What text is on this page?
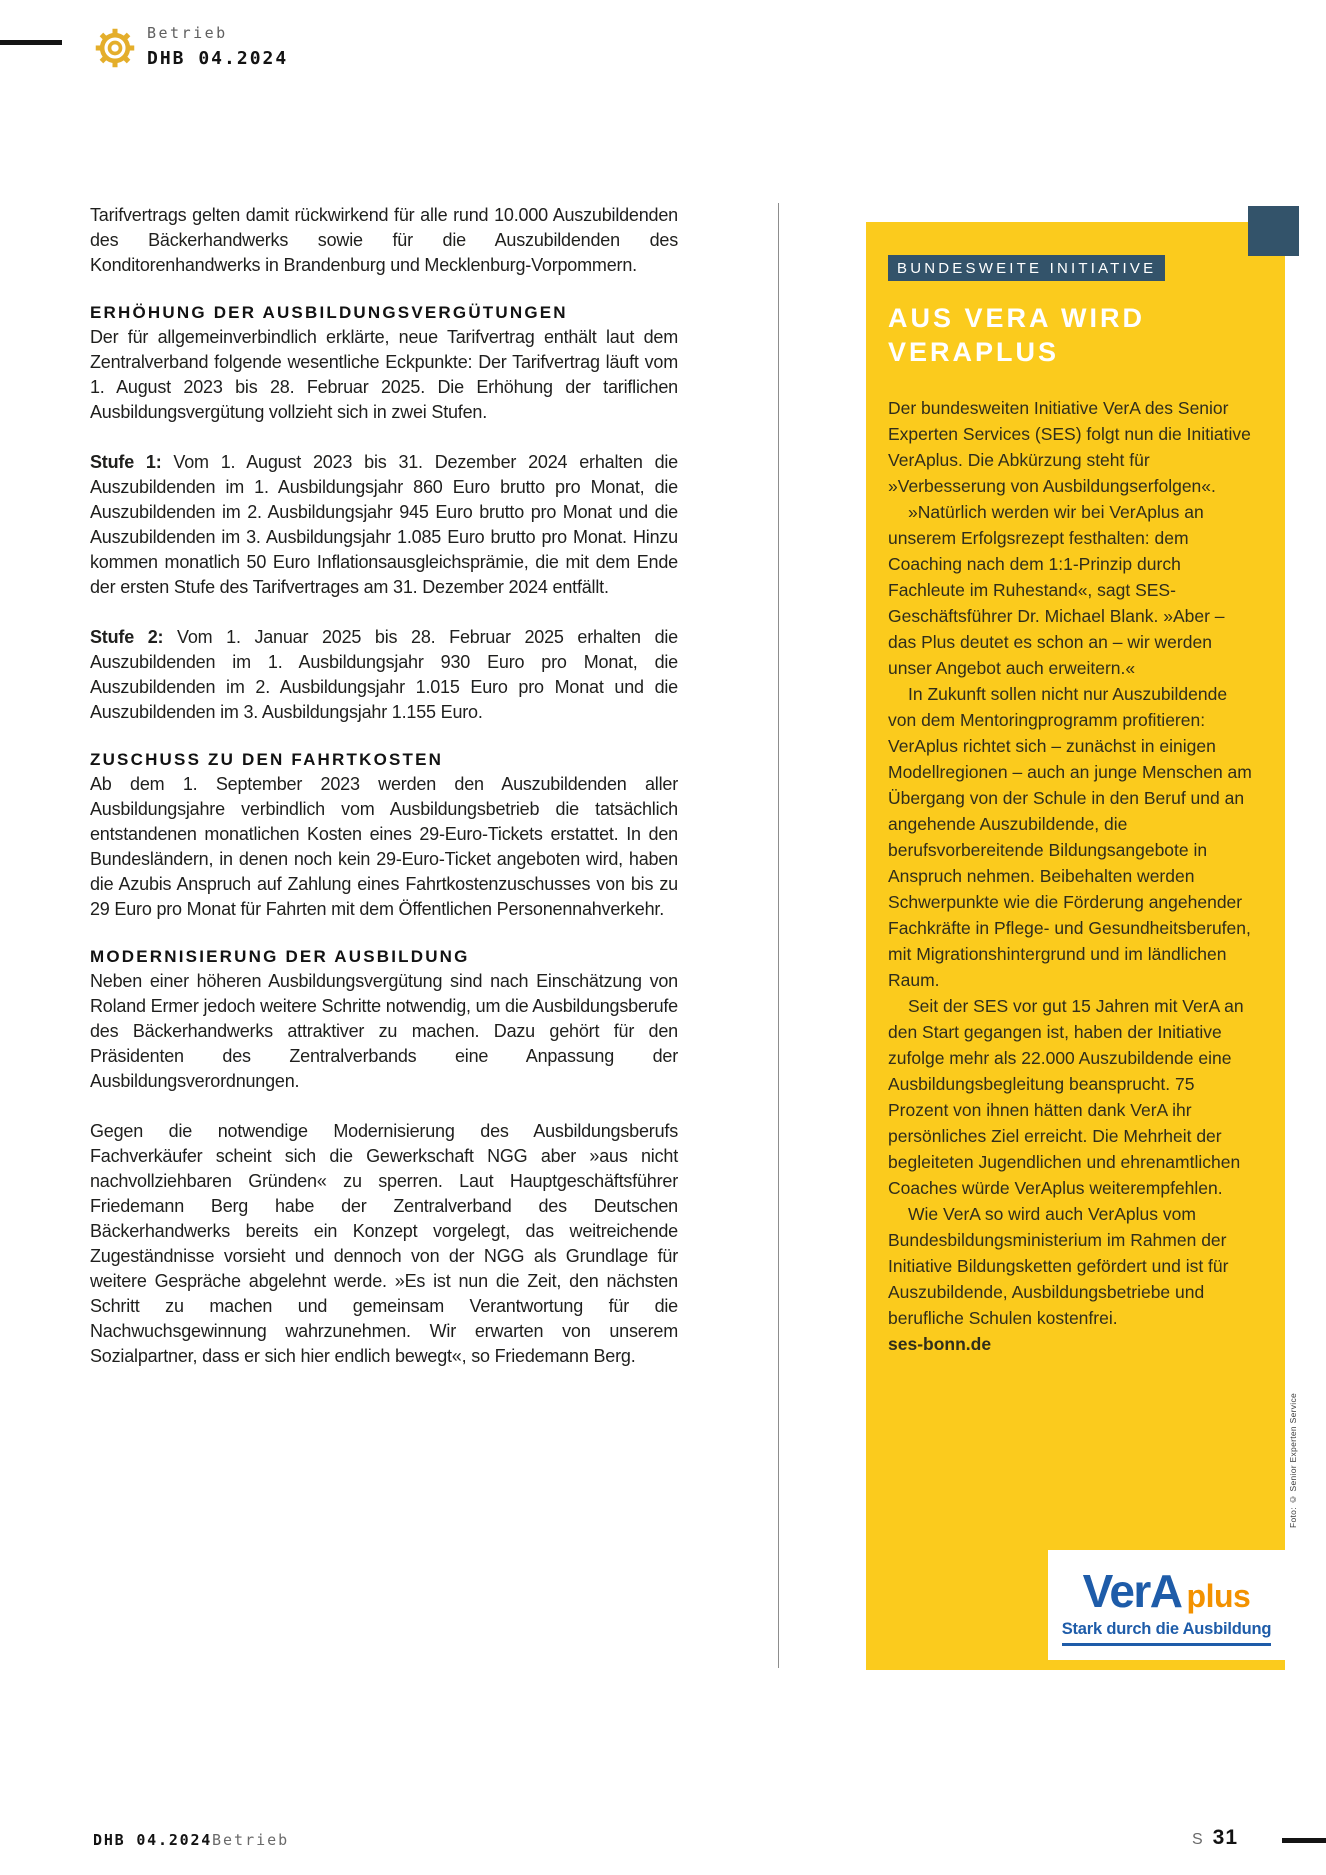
Betrieb
DHB 04.2024

Tarifvertrags gelten damit rückwirkend für alle rund 10.000 Auszubildenden des Bäckerhandwerks sowie für die Auszubildenden des Konditorenhandwerks in Brandenburg und Mecklenburg-Vorpommern.

ERHÖHUNG DER AUSBILDUNGSVERGÜTUNGEN

Der für allgemeinverbindlich erklärte, neue Tarifvertrag enthält laut dem Zentralverband folgende wesentliche Eckpunkte: Der Tarifvertrag läuft vom 1. August 2023 bis 28. Februar 2025. Die Erhöhung der tariflichen Ausbildungsvergütung vollzieht sich in zwei Stufen.

Stufe 1: Vom 1. August 2023 bis 31. Dezember 2024 erhalten die Auszubildenden im 1. Ausbildungsjahr 860 Euro brutto pro Monat, die Auszubildenden im 2. Ausbildungsjahr 945 Euro brutto pro Monat und die Auszubildenden im 3. Ausbildungsjahr 1.085 Euro brutto pro Monat. Hinzu kommen monatlich 50 Euro Inflationsausgleichsprämie, die mit dem Ende der ersten Stufe des Tarifvertrages am 31. Dezember 2024 entfällt.

Stufe 2: Vom 1. Januar 2025 bis 28. Februar 2025 erhalten die Auszubildenden im 1. Ausbildungsjahr 930 Euro pro Monat, die Auszubildenden im 2. Ausbildungsjahr 1.015 Euro pro Monat und die Auszubildenden im 3. Ausbildungsjahr 1.155 Euro.

ZUSCHUSS ZU DEN FAHRTKOSTEN

Ab dem 1. September 2023 werden den Auszubildenden aller Ausbildungsjahre verbindlich vom Ausbildungsbetrieb die tatsächlich entstandenen monatlichen Kosten eines 29-Euro-Tickets erstattet. In den Bundesländern, in denen noch kein 29-Euro-Ticket angeboten wird, haben die Azubis Anspruch auf Zahlung eines Fahrtkostenzuschusses von bis zu 29 Euro pro Monat für Fahrten mit dem Öffentlichen Personennahverkehr.

MODERNISIERUNG DER AUSBILDUNG

Neben einer höheren Ausbildungsvergütung sind nach Einschätzung von Roland Ermer jedoch weitere Schritte notwendig, um die Ausbildungsberufe des Bäckerhandwerks attraktiver zu machen. Dazu gehört für den Präsidenten des Zentralverbands eine Anpassung der Ausbildungsverordnungen.

Gegen die notwendige Modernisierung des Ausbildungsberufs Fachverkäufer scheint sich die Gewerkschaft NGG aber »aus nicht nachvollziehbaren Gründen« zu sperren. Laut Hauptgeschäftsführer Friedemann Berg habe der Zentralverband des Deutschen Bäckerhandwerks bereits ein Konzept vorgelegt, das weitreichende Zugeständnisse vorsieht und dennoch von der NGG als Grundlage für weitere Gespräche abgelehnt werde. »Es ist nun die Zeit, den nächsten Schritt zu machen und gemeinsam Verantwortung für die Nachwuchsgewinnung wahrzunehmen. Wir erwarten von unserem Sozialpartner, dass er sich hier endlich bewegt«, so Friedemann Berg.

BUNDESWEITE INITIATIVE
AUS VERA WIRD
VERAPLUS

Der bundesweiten Initiative VerA des Senior Experten Services (SES) folgt nun die Initiative VerAplus. Die Abkürzung steht für »Verbesserung von Ausbildungserfolgen«.

»Natürlich werden wir bei VerAplus an unserem Erfolgsrezept festhalten: dem Coaching nach dem 1:1-Prinzip durch Fachleute im Ruhestand«, sagt SES-Geschäftsführer Dr. Michael Blank. »Aber – das Plus deutet es schon an – wir werden unser Angebot auch erweitern.«

In Zukunft sollen nicht nur Auszubildende von dem Mentoringprogramm profitieren: VerAplus richtet sich – zunächst in einigen Modellregionen – auch an junge Menschen am Übergang von der Schule in den Beruf und an angehende Auszubildende, die berufsvorbereitende Bildungsangebote in Anspruch nehmen. Beibehalten werden Schwerpunkte wie die Förderung angehender Fachkräfte in Pflege- und Gesundheitsberufen, mit Migrationshintergrund und im ländlichen Raum.

Seit der SES vor gut 15 Jahren mit VerA an den Start gegangen ist, haben der Initiative zufolge mehr als 22.000 Auszubildende eine Ausbildungsbegleitung beansprucht. 75 Prozent von ihnen hätten dank VerA ihr persönliches Ziel erreicht. Die Mehrheit der begleiteten Jugendlichen und ehrenamtlichen Coaches würde VerAplus weiterempfehlen.

Wie VerA so wird auch VerAplus vom Bundesbildungsministerium im Rahmen der Initiative Bildungsketten gefördert und ist für Auszubildende, Ausbildungsbetriebe und berufliche Schulen kostenfrei.

ses-bonn.de
VerA plus
Stark durch die Ausbildung
Foto: © Senior Experten Service
DHB 04.2024 Betrieb	S 31
